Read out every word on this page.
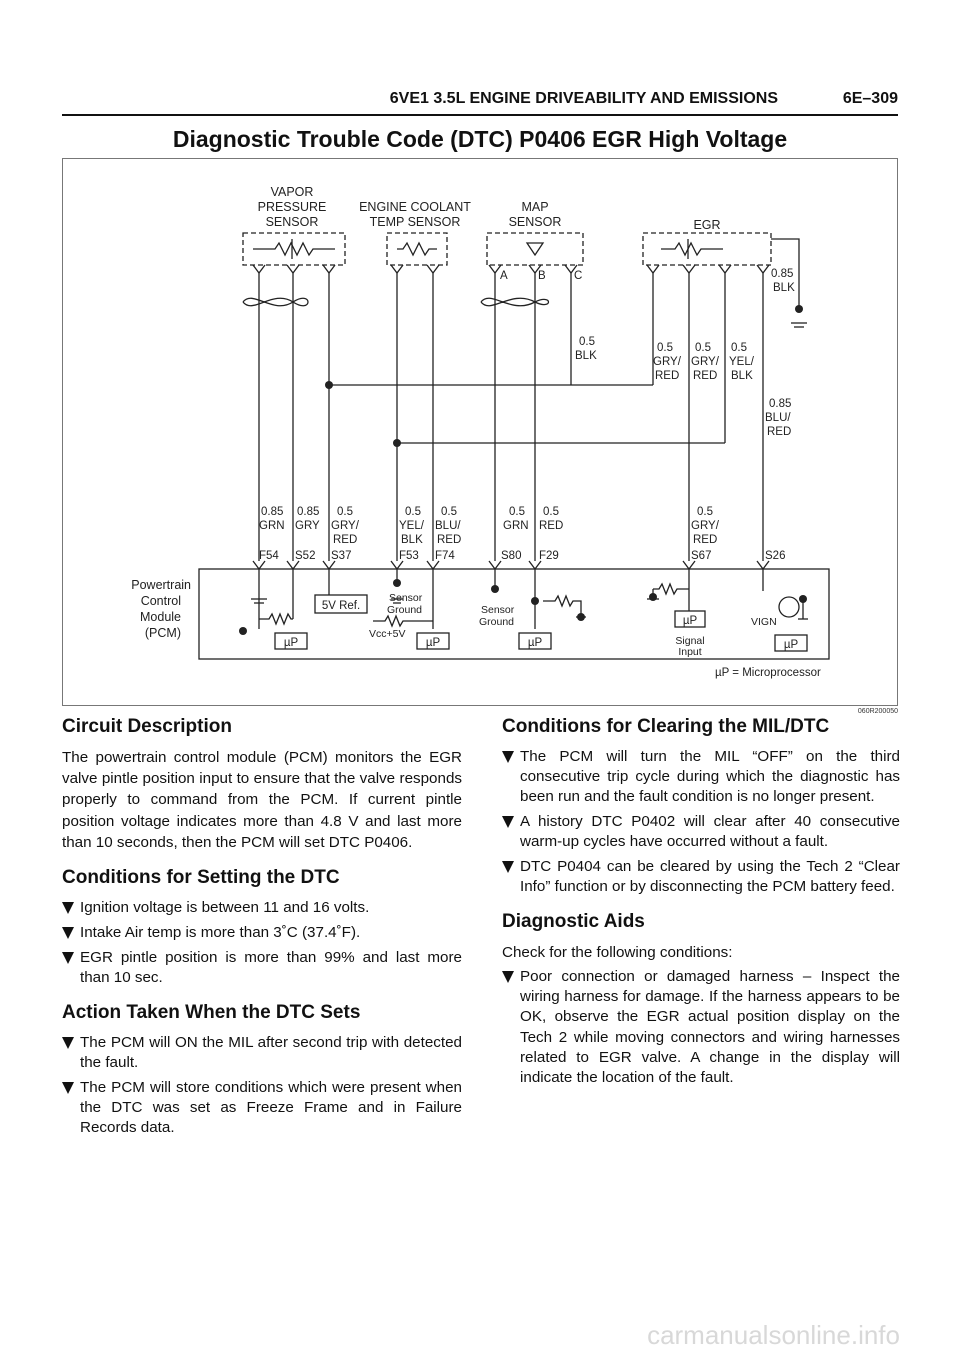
6VE1 3.5L ENGINE DRIVEABILITY AND EMISSIONS	6E–309
Diagnostic Trouble Code (DTC) P0406 EGR High Voltage
VAPOR
PRESSURE
SENSOR
ENGINE COOLANT
TEMP SENSOR
MAP
SENSOR	EGR
A	B C	0.85
BLK
0.5
BLK
0.5
GRY/
RED
0.5
GRY/
RED
0.5
YEL/
BLK
0.85
BLU/
RED
0.85
GRN
F54
0.85
GRY
S52
0.5
GRY/
RED
S37
0.5
YEL/
BLK
F53
0.5
BLU/
RED
F74
0.5
GRN
S80
0.5
RED
F29
0.5
GRY/
RED
S67	S26
Powertrain
Control
Module
(PCM)
5V Ref.
Sensor
Ground
Vcc+5V
Sensor
Ground
Signal
Input
VIGN
µP	µP	µP
µP
µP
µP = Microprocessor
060R200050
Circuit Description

The powertrain control module (PCM) monitors the EGR valve pintle position input to ensure that the valve responds properly to command from the PCM. If current pintle position voltage indicates more than 4.8 V and last more than 10 seconds, then the PCM will set DTC P0406.

Conditions for Setting the DTC
Ignition voltage is between 11 and 16 volts.
Intake Air temp is more than 3˚C (37.4˚F).
EGR pintle position is more than 99% and last more than 10 sec.
Action Taken When the DTC Sets
The PCM will ON the MIL after second trip with detected the fault.
The PCM will store conditions which were present when the DTC was set as Freeze Frame and in Failure Records data.
Conditions for Clearing the MIL/DTC
The PCM will turn the MIL “OFF” on the third consecutive trip cycle during which the diagnostic has been run and the fault condition is no longer present.
A history DTC P0402 will clear after 40 consecutive warm-up cycles have occurred without a fault.
DTC P0404 can be cleared by using the Tech 2 “Clear Info” function or by disconnecting the PCM battery feed.
Diagnostic Aids

Check for the following conditions:

Poor connection or damaged harness – Inspect the wiring harness for damage. If the harness appears to be OK, observe the EGR actual position display on the Tech 2 while moving connectors and wiring harnesses related to EGR valve. A change in the display will indicate the location of the fault.
carmanualsonline.info
